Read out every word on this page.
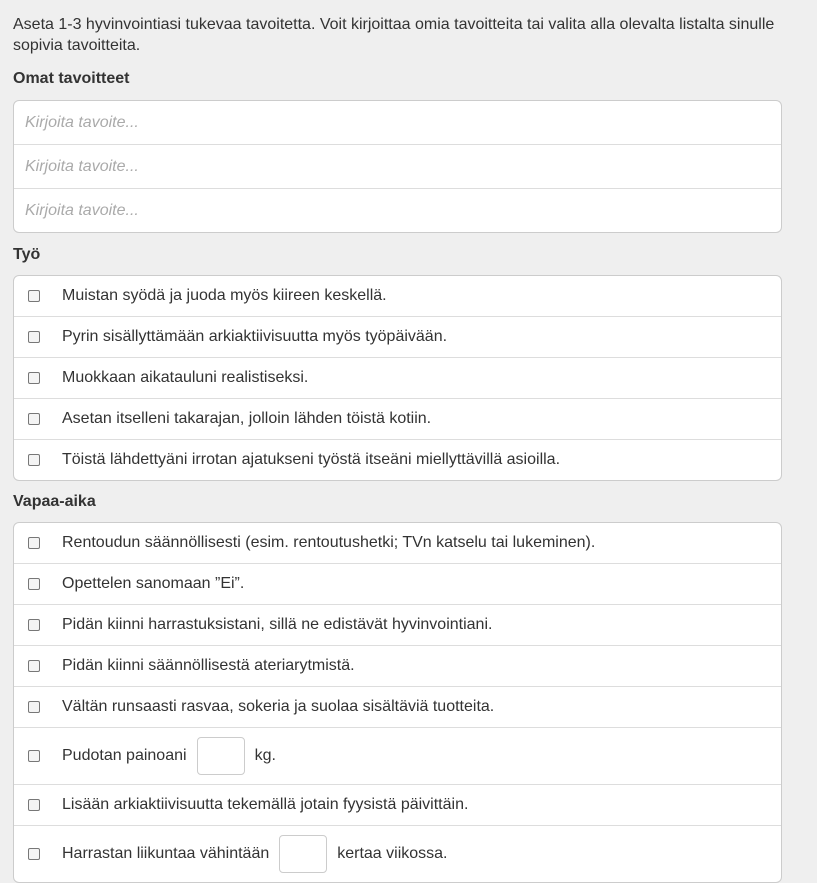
Aseta 1-3 hyvinvointiasi tukevaa tavoitetta. Voit kirjoittaa omia tavoitteita tai valita alla olevalta listalta sinulle sopivia tavoitteita.

Omat tavoitteet
Kirjoita tavoite...
Kirjoita tavoite...
Kirjoita tavoite...
Työ
Muistan syödä ja juoda myös kiireen keskellä.
Pyrin sisällyttämään arkiaktiivisuutta myös työpäivään.
Muokkaan aikatauluni realistiseksi.
Asetan itselleni takarajan, jolloin lähden töistä kotiin.
Töistä lähdettyäni irrotan ajatukseni työstä itseäni miellyttävillä asioilla.
Vapaa-aika
Rentoudun säännöllisesti (esim. rentoutushetki; TVn katselu tai lukeminen).
Opettelen sanomaan ”Ei”.
Pidän kiinni harrastuksistani, sillä ne edistävät hyvinvointiani.
Pidän kiinni säännöllisestä ateriarytmistä.
Vältän runsaasti rasvaa, sokeria ja suolaa sisältäviä tuotteita.
Pudotan painoani	kg.
Lisään arkiaktiivisuutta tekemällä jotain fyysistä päivittäin.
Harrastan liikuntaa vähintään	kertaa viikossa.
